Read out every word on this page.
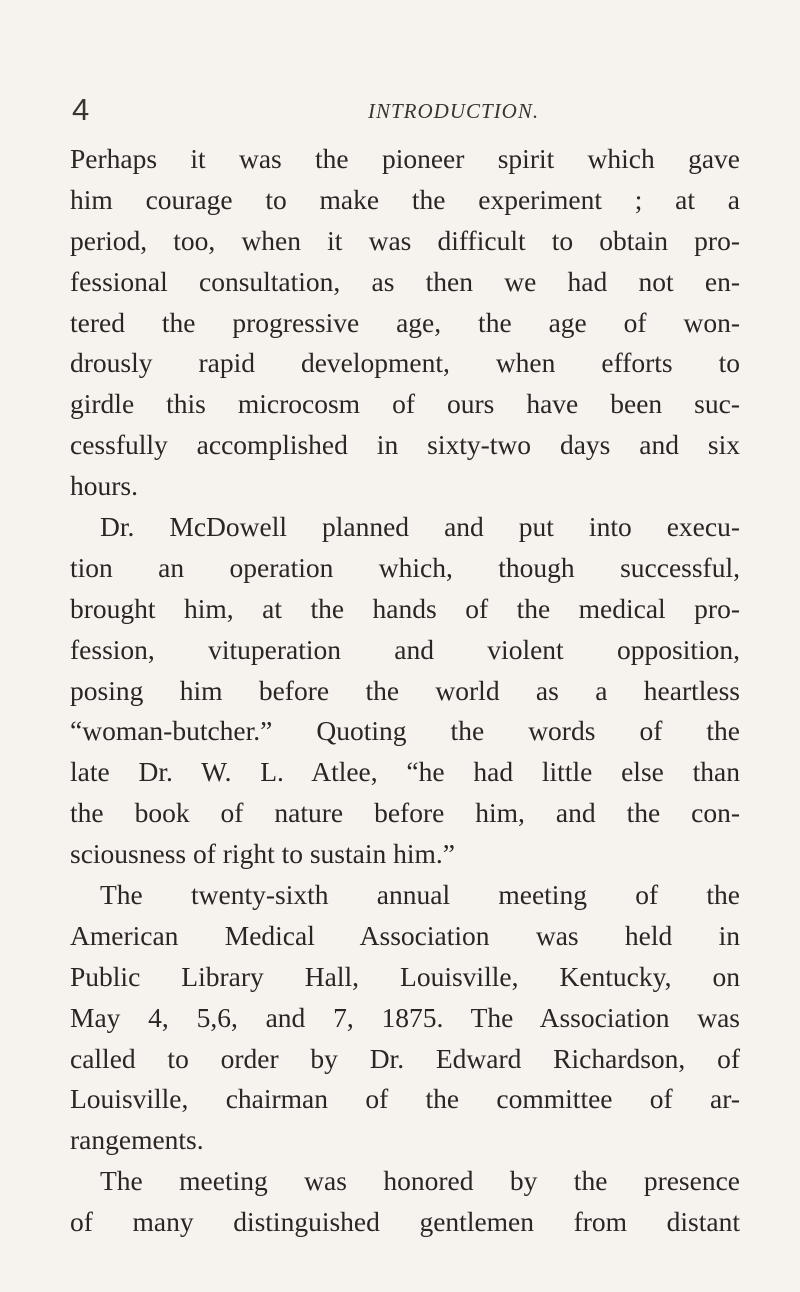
4	INTRODUCTION.
Perhaps it was the pioneer spirit which gave
him courage to make the experiment ; at a
period, too, when it was difficult to obtain pro-
fessional consultation, as then we had not en-
tered the progressive age, the age of won-
drously rapid development, when efforts to
girdle this microcosm of ours have been suc-
cessfully accomplished in sixty-two days and six
hours.
Dr. McDowell planned and put into execu-
tion an operation which, though successful,
brought him, at the hands of the medical pro-
fession, vituperation and violent opposition,
posing him before the world as a heartless
“woman-butcher.” Quoting the words of the
late Dr. W. L. Atlee, “he had little else than
the book of nature before him, and the con-
sciousness of right to sustain him.”
The twenty-sixth annual meeting of the
American Medical Association was held in
Public Library Hall, Louisville, Kentucky, on
May 4, 5,6, and 7, 1875. The Association was
called to order by Dr. Edward Richardson, of
Louisville, chairman of the committee of ar-
rangements.
The meeting was honored by the presence
of many distinguished gentlemen from distant
